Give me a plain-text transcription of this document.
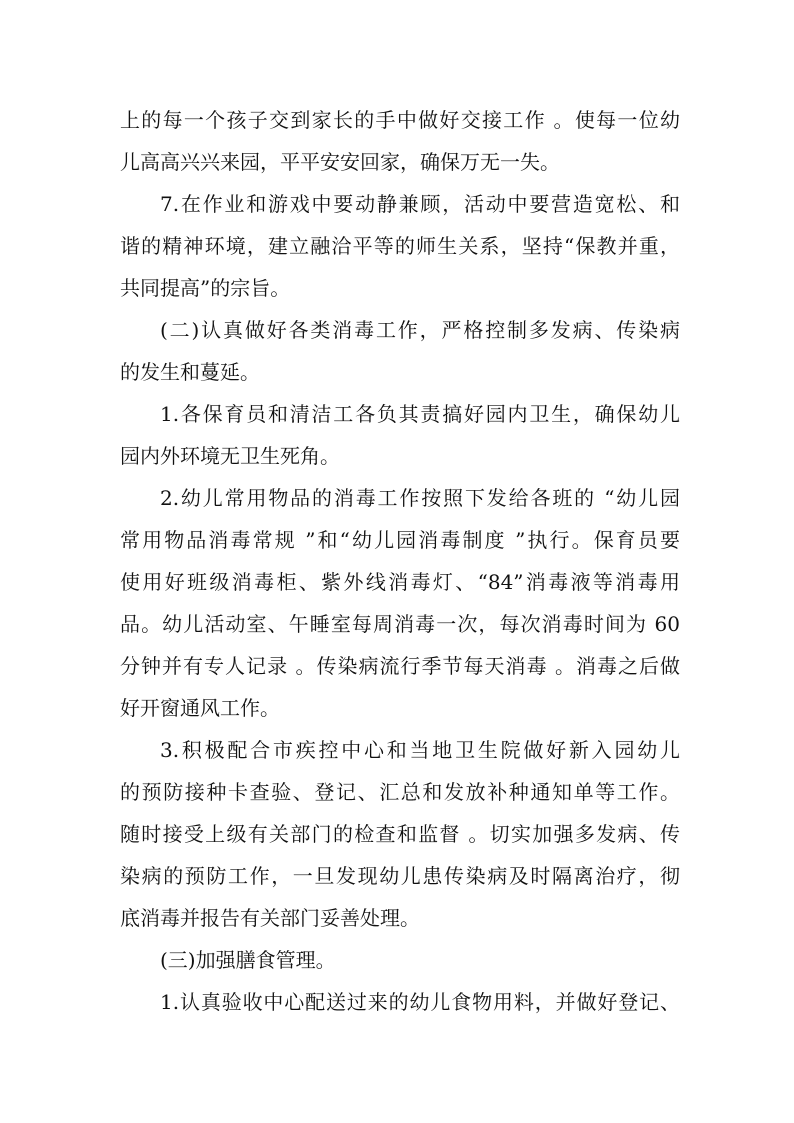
上的每一个孩子交到家长的手中做好交接工作 。使每一位幼

儿高高兴兴来园，平平安安回家，确保万无一失。

7.在作业和游戏中要动静兼顾，活动中要营造宽松、和

谐的精神环境，建立融洽平等的师生关系，坚持“保教并重，

共同提高”的宗旨。

(二)认真做好各类消毒工作，严格控制多发病、传染病

的发生和蔓延。

1.各保育员和清洁工各负其责搞好园内卫生，确保幼儿

园内外环境无卫生死角。

2.幼儿常用物品的消毒工作按照下发给各班的 “幼儿园

常用物品消毒常规 ”和“幼儿园消毒制度 ”执行。保育员要

使用好班级消毒柜、紫外线消毒灯、“84”消毒液等消毒用

品。幼儿活动室、午睡室每周消毒一次，每次消毒时间为 60

分钟并有专人记录 。传染病流行季节每天消毒 。消毒之后做

好开窗通风工作。

3.积极配合市疾控中心和当地卫生院做好新入园幼儿

的预防接种卡查验、登记、汇总和发放补种通知单等工作。

随时接受上级有关部门的检查和监督 。切实加强多发病、传

染病的预防工作，一旦发现幼儿患传染病及时隔离治疗，彻

底消毒并报告有关部门妥善处理。

(三)加强膳食管理。

1.认真验收中心配送过来的幼儿食物用料，并做好登记、
